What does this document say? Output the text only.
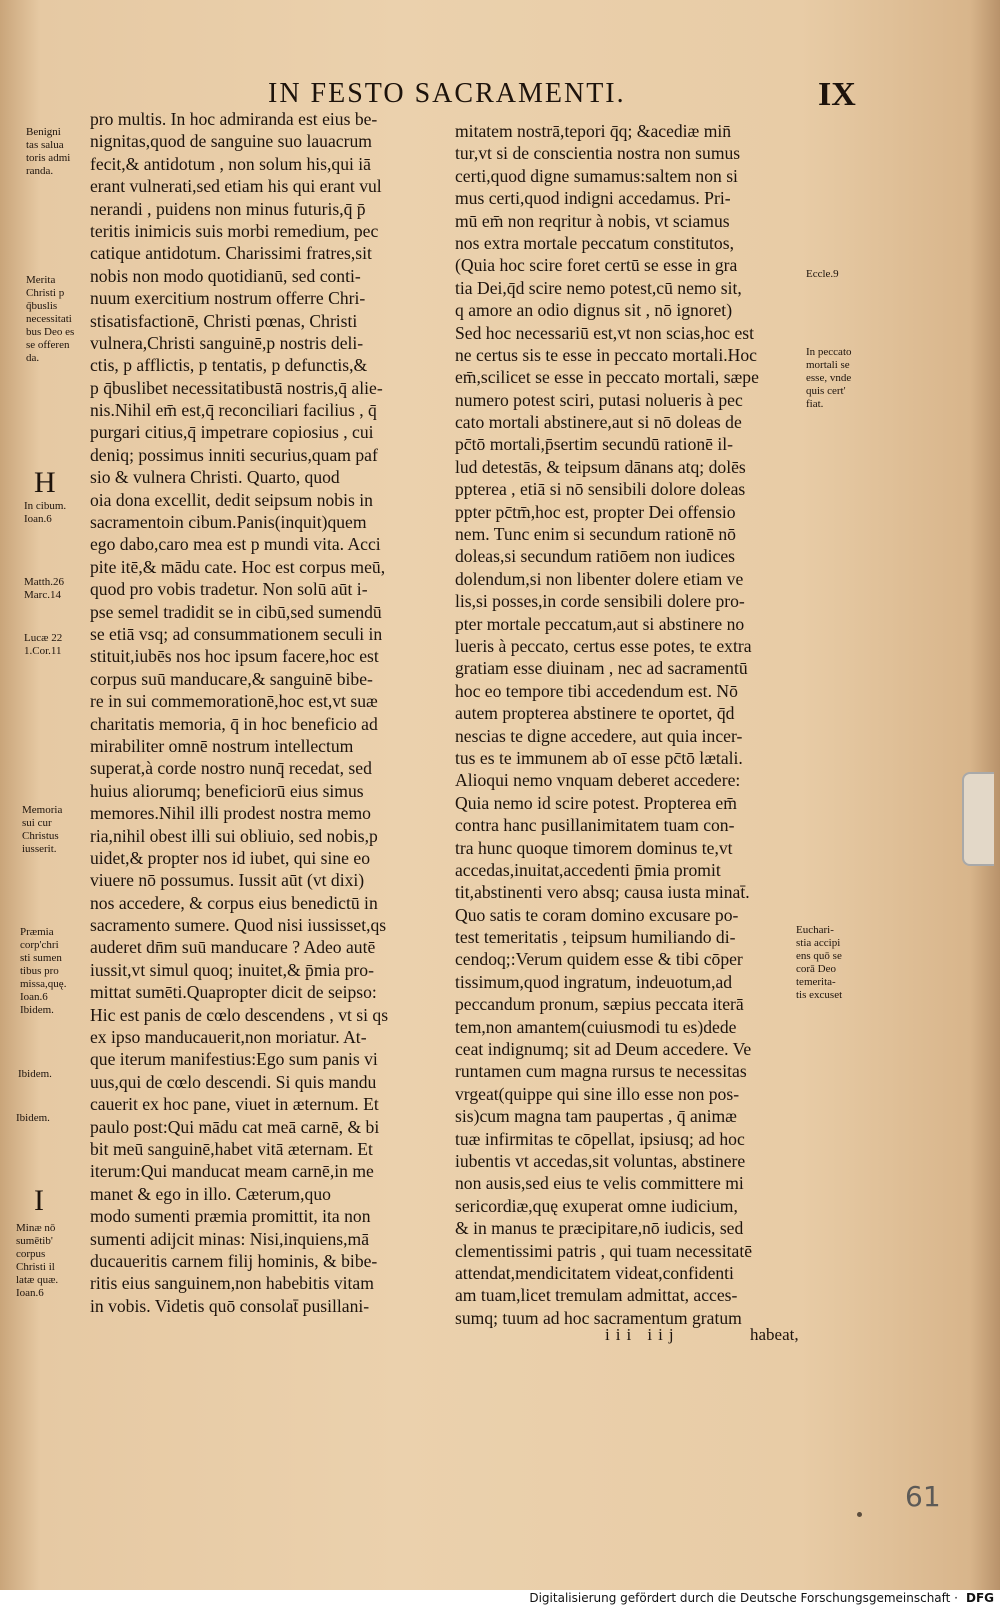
IN FESTO SACRAMENTI.	IX
pro multis. In hoc admiranda est eius be-
nignitas,quod de sanguine suo lauacrum
fecit,& antidotum , non solum his,qui iā
erant vulnerati,sed etiam his qui erant vul
nerandi , puidens non minus futuris,q̄ p̄
teritis inimicis suis morbi remedium, pec
catique antidotum. Charissimi fratres,sit
nobis non modo quotidianū, sed conti-
nuum exercitium nostrum offerre Chri-
stisatisfactionē, Christi pœnas, Christi
vulnera,Christi sanguinē,p nostris deli-
ctis, p afflictis, p tentatis, p defunctis,&
p q̄buslibet necessitatibustā nostris,q̄ alie-
nis.Nihil em̄ est,q̄ reconciliari facilius , q̄
purgari citius,q̄ impetrare copiosius , cui
deniq; possimus inniti securius,quam paf
sio & vulnera Christi. Quarto, quod
oia dona excellit, dedit seipsum nobis in
sacramentoin cibum.Panis(inquit)quem
ego dabo,caro mea est p mundi vita. Acci
pite itē,& mādu cate. Hoc est corpus meū,
quod pro vobis tradetur. Non solū aūt i-
pse semel tradidit se in cibū,sed sumendū
se etiā vsq; ad consummationem seculi in
stituit,iubēs nos hoc ipsum facere,hoc est
corpus suū manducare,& sanguinē bibe-
re in sui commemorationē,hoc est,vt suæ
charitatis memoria, q̄ in hoc beneficio ad
mirabiliter omnē nostrum intellectum
superat,à corde nostro nunq̄ recedat, sed
huius aliorumq; beneficiorū eius simus
memores.Nihil illi prodest nostra memo
ria,nihil obest illi sui obliuio, sed nobis,p
uidet,& propter nos id iubet, qui sine eo
viuere nō possumus. Iussit aūt (vt dixi)
nos accedere, & corpus eius benedictū in
sacramento sumere. Quod nisi iussisset,qs
auderet dn̄m suū manducare ? Adeo autē
iussit,vt simul quoq; inuitet,& p̄mia pro-
mittat sumēti.Quapropter dicit de seipso:
Hic est panis de cœlo descendens , vt si qs
ex ipso manducauerit,non moriatur. At-
que iterum manifestius:Ego sum panis vi
uus,qui de cœlo descendi. Si quis mandu
cauerit ex hoc pane, viuet in æternum. Et
paulo post:Qui mādu cat meā carnē, & bi
bit meū sanguinē,habet vitā æternam. Et
iterum:Qui manducat meam carnē,in me
manet & ego in illo. Cæterum,quo
modo sumenti præmia promittit, ita non
sumenti adijcit minas: Nisi,inquiens,mā
ducaueritis carnem filij hominis, & bibe-
ritis eius sanguinem,non habebitis vitam
in vobis. Videtis quō consolat̄ pusillani-
mitatem nostrā,tepori q̄q; &acediæ min̄
tur,vt si de conscientia nostra non sumus
certi,quod digne sumamus:saltem non si
mus certi,quod indigni accedamus. Pri-
mū em̄ non reqritur à nobis, vt sciamus
nos extra mortale peccatum constitutos,
(Quia hoc scire foret certū se esse in gra
tia Dei,q̄d scire nemo potest,cū nemo sit,
q amore an odio dignus sit , nō ignoret)
Sed hoc necessariū est,vt non scias,hoc est
ne certus sis te esse in peccato mortali.Hoc
em̄,scilicet se esse in peccato mortali, sæpe
numero potest sciri, putasi nolueris à pec
cato mortali abstinere,aut si nō doleas de
pc̄tō mortali,p̄sertim secundū rationē il-
lud detestās, & teipsum dānans atq; dolēs
ppterea , etiā si nō sensibili dolore doleas
ppter pc̄tm̄,hoc est, propter Dei offensio
nem. Tunc enim si secundum rationē nō
doleas,si secundum ratiōem non iudices
dolendum,si non libenter dolere etiam ve
lis,si posses,in corde sensibili dolere pro-
pter mortale peccatum,aut si abstinere no
lueris à peccato, certus esse potes, te extra
gratiam esse diuinam , nec ad sacramentū
hoc eo tempore tibi accedendum est. Nō
autem propterea abstinere te oportet, q̄d
nescias te digne accedere, aut quia incer-
tus es te immunem ab oī esse pc̄tō lætali.
Alioqui nemo vnquam deberet accedere:
Quia nemo id scire potest. Propterea em̄
contra hanc pusillanimitatem tuam con-
tra hunc quoque timorem dominus te,vt
accedas,inuitat,accedenti p̄mia promit
tit,abstinenti vero absq; causa iusta minat̄.
Quo satis te coram domino excusare po-
test temeritatis , teipsum humiliando di-
cendoq;:Verum quidem esse & tibi cōper
tissimum,quod ingratum, indeuotum,ad
peccandum pronum, sæpius peccata iterā
tem,non amantem(cuiusmodi tu es)dede
ceat indignumq; sit ad Deum accedere. Ve
runtamen cum magna rursus te necessitas
vrgeat(quippe qui sine illo esse non pos-
sis)cum magna tam paupertas , q̄ animæ
tuæ infirmitas te cōpellat, ipsiusq; ad hoc
iubentis vt accedas,sit voluntas, abstinere
non ausis,sed eius te velis committere mi
sericordiæ,quę exuperat omne iudicium,
& in manus te præcipitare,nō iudicis, sed
clementissimi patris , qui tuam necessitatē
attendat,mendicitatem videat,confidenti
am tuam,licet tremulam admittat, acces-
sumq; tuum ad hoc sacramentum gratum
Benigni
tas salua
toris admi
randa.
Merita
Christi p
q̄buslis
necessitati
bus Deo es
se offeren
da.
H
In cibum.
Ioan.6
Matth.26
Marc.14
Lucæ 22
1.Cor.11
Memoria
sui cur
Christus
iusserit.
Præmia
corp'chri
sti sumen
tibus pro
missa,quę.
Ioan.6
Ibidem.
Ibidem.
Ibidem.
I
Minæ nō
sumētib'
corpus
Christi il
latæ quæ.
Ioan.6
Eccle.9
In peccato
mortali se
esse, vnde
quis cert'
fiat.
Euchari-
stia accipi
ens quō se
corā Deo
temerita-
tis excuset
iii iij	habeat,
61
Digitalisierung gefördert durch die Deutsche Forschungsgemeinschaft · DFG
